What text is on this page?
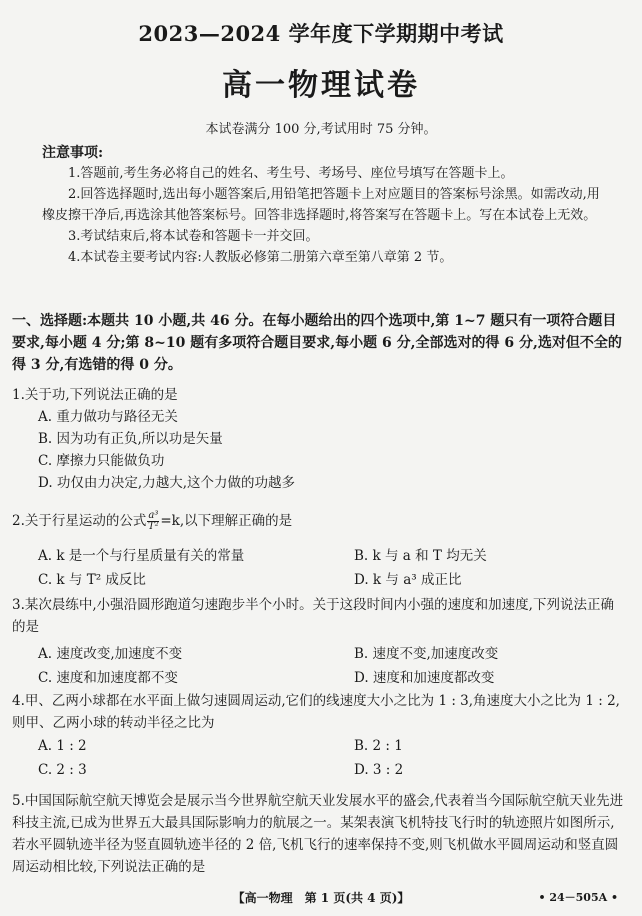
2023—2024 学年度下学期期中考试
高一物理试卷
本试卷满分 100 分,考试用时 75 分钟。
注意事项:

1.答题前,考生务必将自己的姓名、考生号、考场号、座位号填写在答题卡上。

2.回答选择题时,选出每小题答案后,用铅笔把答题卡上对应题目的答案标号涂黑。如需改动,用橡皮擦干净后,再选涂其他答案标号。回答非选择题时,将答案写在答题卡上。写在本试卷上无效。

3.考试结束后,将本试卷和答题卡一并交回。

4.本试卷主要考试内容:人教版必修第二册第六章至第八章第 2 节。

一、选择题:本题共 10 小题,共 46 分。在每小题给出的四个选项中,第 1~7 题只有一项符合题目要求,每小题 4 分;第 8~10 题有多项符合题目要求,每小题 6 分,全部选对的得 6 分,选对但不全的得 3 分,有选错的得 0 分。

1.关于功,下列说法正确的是

A. 重力做功与路径无关

B. 因为功有正负,所以功是矢量

C. 摩擦力只能做负功

D. 功仅由力决定,力越大,这个力做的功越多

2.关于行星运动的公式 $\frac{\text{a³}}{\text{T²}} =k$,以下理解正确的是

A. k 是一个与行星质量有关的常量	B. k 与 a 和 T 均无关
C. k 与 T² 成反比	D. k 与 a³ 成正比

3.某次晨练中,小强沿圆形跑道匀速跑步半个小时。关于这段时间内小强的速度和加速度,下列说法正确的是

A. 速度改变,加速度不变	B. 速度不变,加速度改变
C. 速度和加速度都不变	D. 速度和加速度都改变

4.甲、乙两小球都在水平面上做匀速圆周运动,它们的线速度大小之比为 1 : 3,角速度大小之比为 1 : 2,则甲、乙两小球的转动半径之比为

A. 1 : 2	B. 2 : 1
C. 2 : 3	D. 3 : 2

5.中国国际航空航天博览会是展示当今世界航空航天业发展水平的盛会,代表着当今国际航空航天业先进科技主流,已成为世界五大最具国际影响力的航展之一。某架表演飞机特技飞行时的轨迹照片如图所示,若水平圆轨迹半径为竖直圆轨迹半径的 2 倍,飞机飞行的速率保持不变,则飞机做水平圆周运动和竖直圆周运动相比较,下列说法正确的是

【高一物理　第 1 页(共 4 页)】	• 24－505A •
